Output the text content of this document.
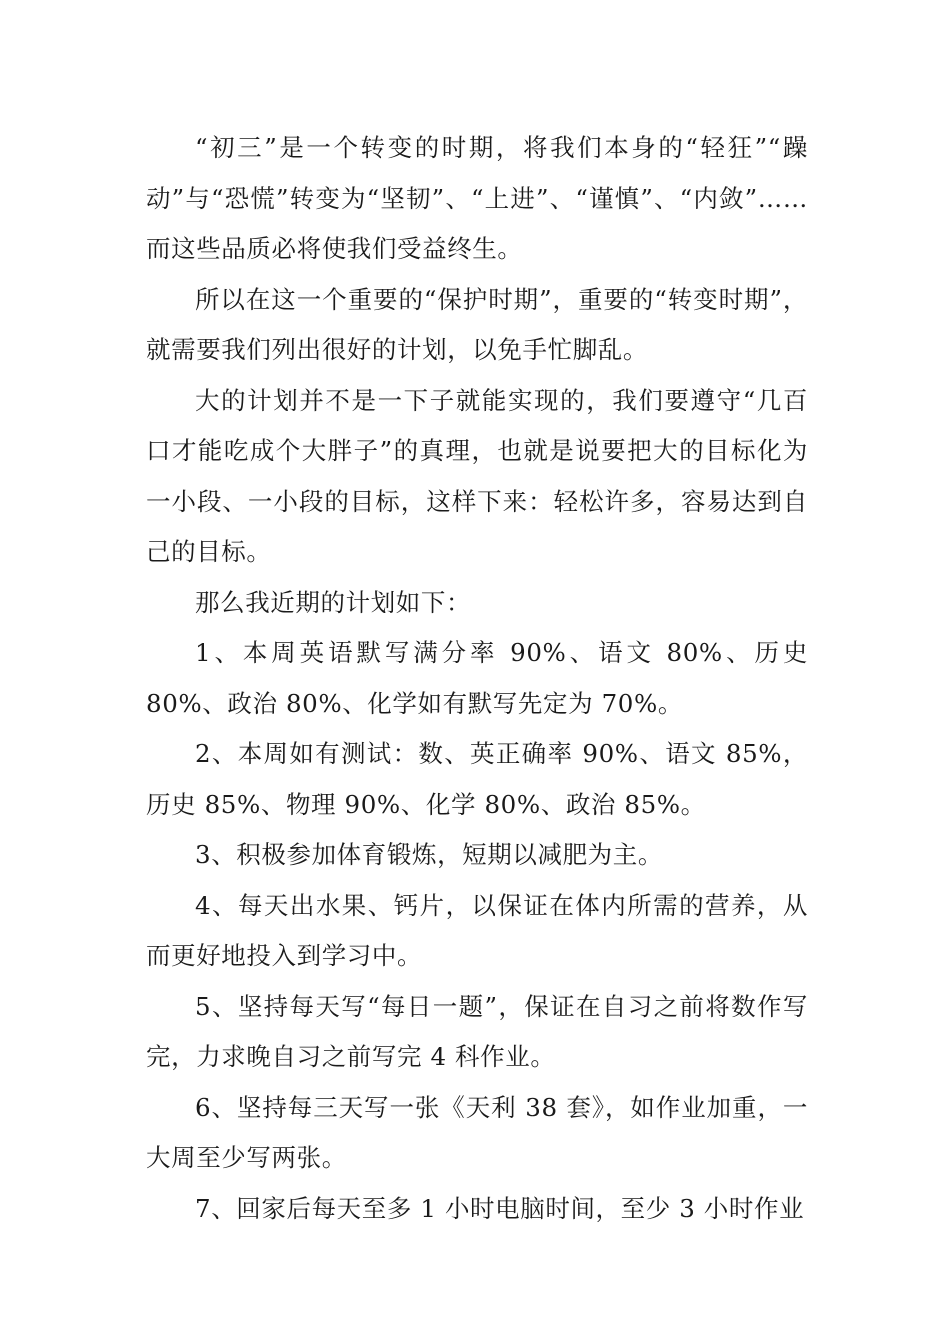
“初三”是一个转变的时期，将我们本身的“轻狂”“躁动”与“恐慌”转变为“坚韧”、“上进”、“谨慎”、“内敛”……而这些品质必将使我们受益终生。

所以在这一个重要的“保护时期”，重要的“转变时期”，就需要我们列出很好的计划，以免手忙脚乱。

大的计划并不是一下子就能实现的，我们要遵守“几百口才能吃成个大胖子”的真理，也就是说要把大的目标化为一小段、一小段的目标，这样下来：轻松许多，容易达到自己的目标。

那么我近期的计划如下：

1、本周英语默写满分率 90%、语文 80%、历史 80%、政治 80%、化学如有默写先定为 70%。

2、本周如有测试：数、英正确率 90%、语文 85%，历史 85%、物理 90%、化学 80%、政治 85%。

3、积极参加体育锻炼，短期以减肥为主。

4、每天出水果、钙片，以保证在体内所需的营养，从而更好地投入到学习中。

5、坚持每天写“每日一题”，保证在自习之前将数作写完，力求晚自习之前写完 4 科作业。

6、坚持每三天写一张《天利 38 套》，如作业加重，一大周至少写两张。

7、回家后每天至多 1 小时电脑时间，至少 3 小时作业
